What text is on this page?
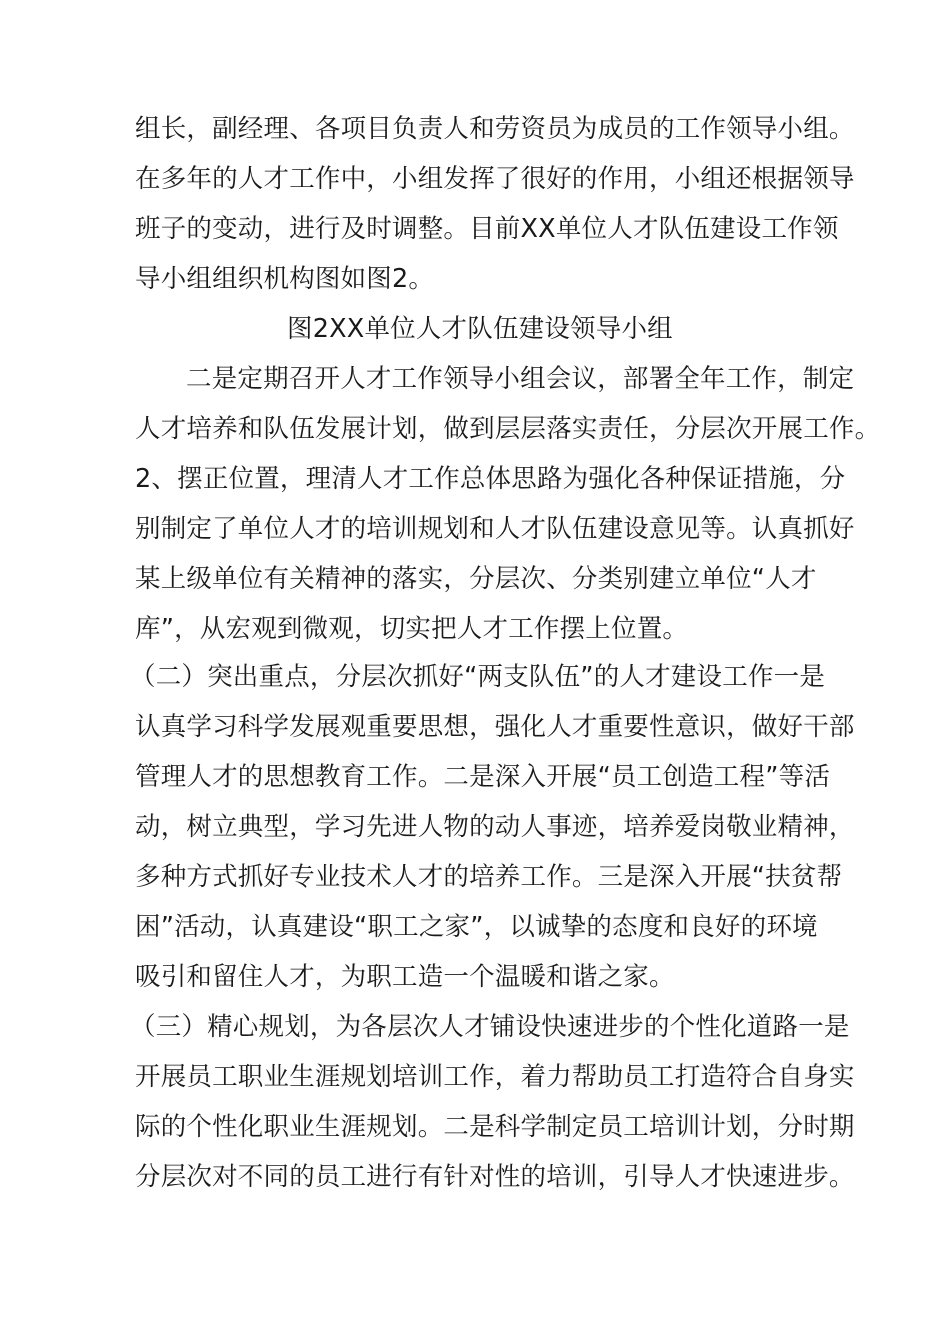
组长，副经理、各项目负责人和劳资员为成员的工作领导小组。
在多年的人才工作中，小组发挥了很好的作用，小组还根据领导
班子的变动，进行及时调整。目前XX单位人才队伍建设工作领
导小组组织机构图如图2。
图2XX单位人才队伍建设领导小组
二是定期召开人才工作领导小组会议，部署全年工作，制定
人才培养和队伍发展计划，做到层层落实责任，分层次开展工作。
2、摆正位置，理清人才工作总体思路为强化各种保证措施，分
别制定了单位人才的培训规划和人才队伍建设意见等。认真抓好
某上级单位有关精神的落实，分层次、分类别建立单位“人才
库”，从宏观到微观，切实把人才工作摆上位置。
（二）突出重点，分层次抓好“两支队伍”的人才建设工作一是
认真学习科学发展观重要思想，强化人才重要性意识，做好干部
管理人才的思想教育工作。二是深入开展“员工创造工程”等活
动，树立典型，学习先进人物的动人事迹，培养爱岗敬业精神，
多种方式抓好专业技术人才的培养工作。三是深入开展“扶贫帮
困”活动，认真建设“职工之家”，以诚挚的态度和良好的环境
吸引和留住人才，为职工造一个温暖和谐之家。
（三）精心规划，为各层次人才铺设快速进步的个性化道路一是
开展员工职业生涯规划培训工作，着力帮助员工打造符合自身实
际的个性化职业生涯规划。二是科学制定员工培训计划，分时期
分层次对不同的员工进行有针对性的培训，引导人才快速进步。
